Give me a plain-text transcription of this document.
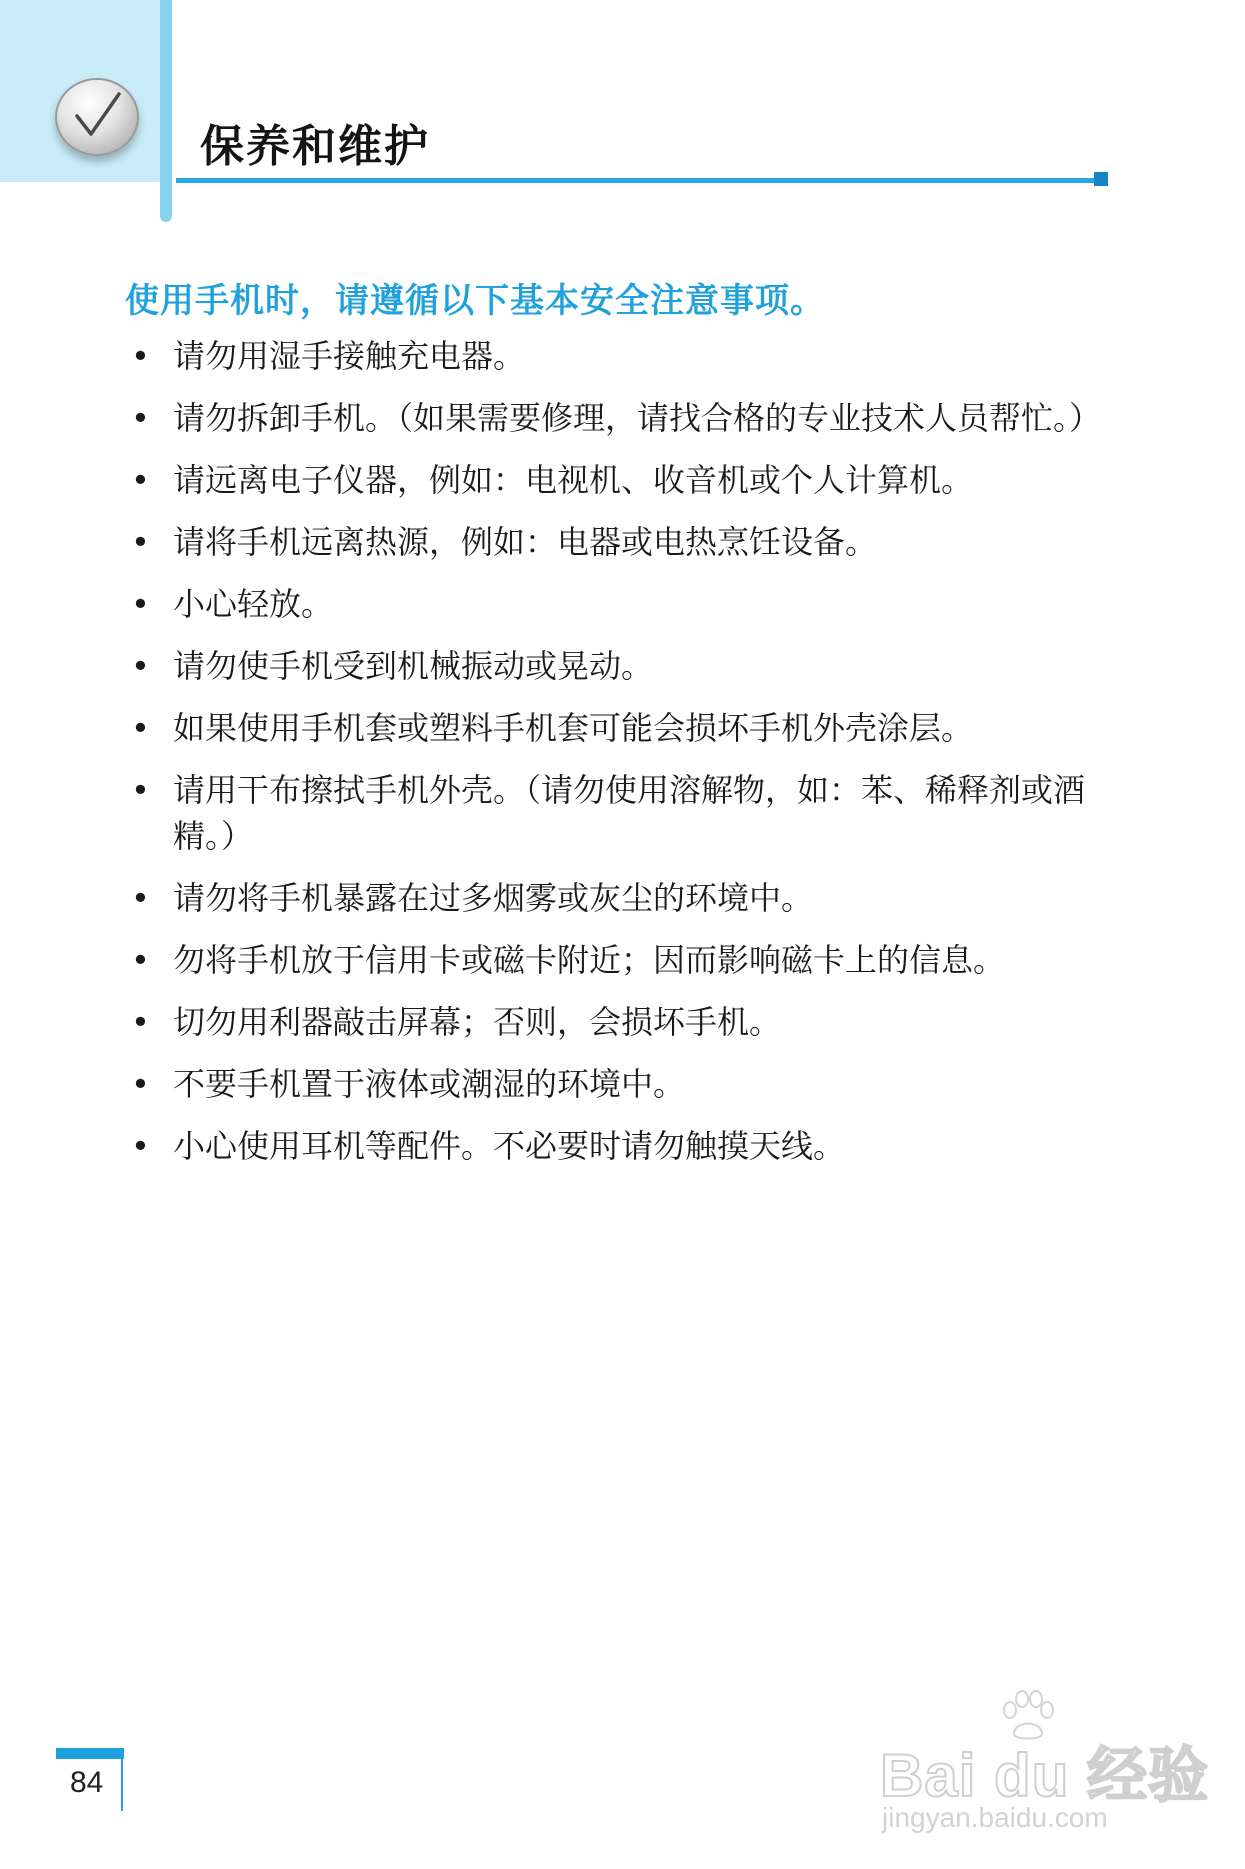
保养和维护
使用手机时，请遵循以下基本安全注意事项。
• 请勿用湿手接触充电器。
• 请勿拆卸手机。（如果需要修理，请找合格的专业技术人员帮忙。）
• 请远离电子仪器，例如：电视机、收音机或个人计算机。
• 请将手机远离热源，例如：电器或电热烹饪设备。
• 小心轻放。
• 请勿使手机受到机械振动或晃动。
• 如果使用手机套或塑料手机套可能会损坏手机外壳涂层。
• 请用干布擦拭手机外壳。（请勿使用溶解物，如：苯、稀释剂或酒精。）
• 请勿将手机暴露在过多烟雾或灰尘的环境中。
• 勿将手机放于信用卡或磁卡附近；因而影响磁卡上的信息。
• 切勿用利器敲击屏幕；否则，会损坏手机。
• 不要手机置于液体或潮湿的环境中。
• 小心使用耳机等配件。不必要时请勿触摸天线。
84	Bai du 经验
jingyan.baidu.com
